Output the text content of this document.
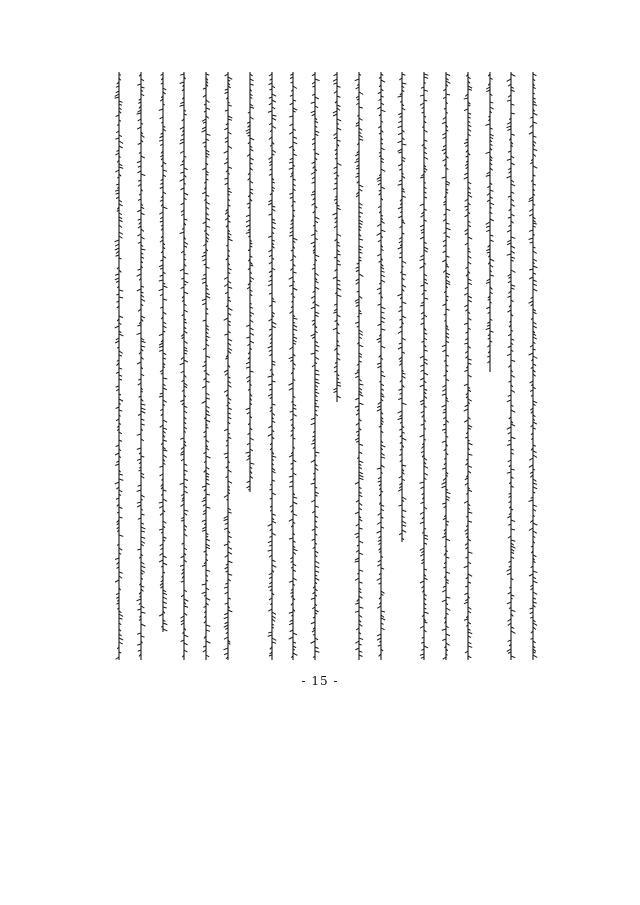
- 15 -
